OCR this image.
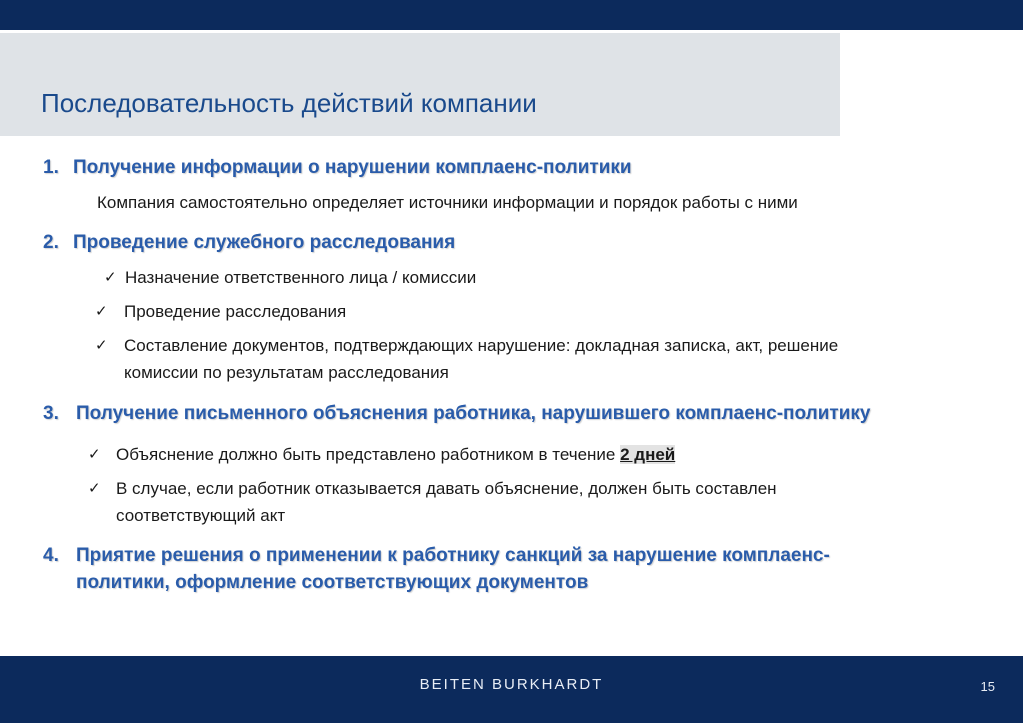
Последовательность действий компании
1. Получение информации о нарушении комплаенс-политики
Компания самостоятельно определяет источники информации и порядок работы с ними
2. Проведение служебного расследования
✓ Назначение ответственного лица / комиссии
✓ Проведение расследования
✓ Составление документов, подтверждающих нарушение: докладная записка, акт, решение
комиссии по результатам расследования
3. Получение письменного объяснения работника, нарушившего комплаенс-политику
✓ Объяснение должно быть представлено работником в течение 2 дней
✓ В случае, если работник отказывается давать объяснение, должен быть составлен
соответствующий акт
4. Приятие решения о применении к работнику санкций за нарушение комплаенс-
политики, оформление соответствующих документов
BEITEN BURKHARDT	15
